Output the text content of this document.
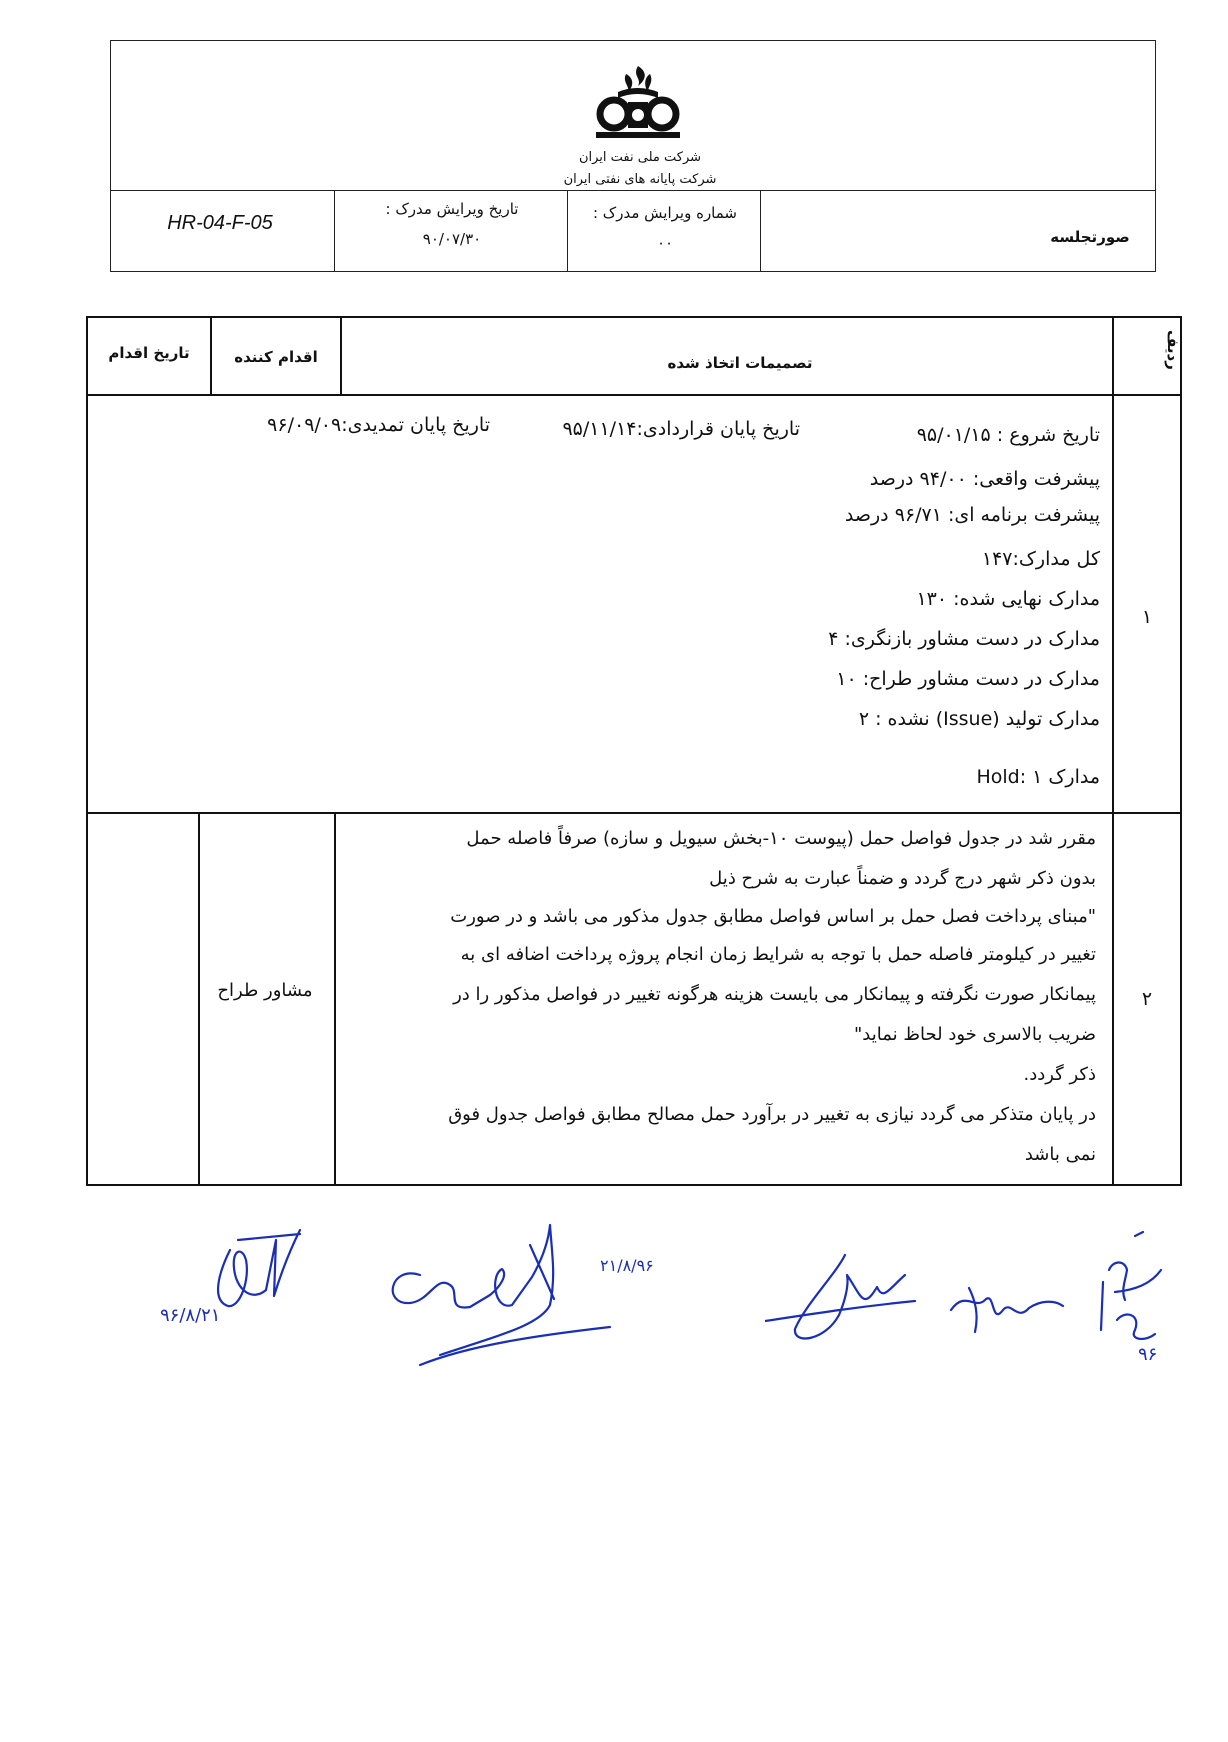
شرکت ملی نفت ایران
شرکت پایانه های نفتی ایران
HR-04-F-05
تاریخ ویرایش مدرک :
۹۰/۰۷/۳۰
شماره ویرایش مدرک :
۰۰	صورتجلسه
ردیف
تصمیمات اتخاذ شده
اقدام کننده
تاریخ اقدام
۱
تاریخ شروع : ۹۵/۰۱/۱۵
تاریخ پایان قراردادی:۹۵/۱۱/۱۴
تاریخ پایان تمدیدی:۹۶/۰۹/۰۹
پیشرفت واقعی: ۹۴/۰۰ درصد
پیشرفت برنامه ای: ۹۶/۷۱ درصد
کل مدارک:۱۴۷
مدارک نهایی شده: ۱۳۰
مدارک در دست مشاور بازنگری: ۴
مدارک در دست مشاور طراح: ۱۰
مدارک تولید (Issue) نشده : ۲
مدارک Hold: ۱
۲
مقرر شد در جدول فواصل حمل (پیوست ۱۰-بخش سیویل و سازه) صرفاً فاصله حمل
بدون ذکر شهر درج گردد و ضمناً عبارت به شرح ذیل
"مبنای پرداخت فصل حمل بر اساس فواصل مطابق جدول مذکور می باشد و در صورت
تغییر در کیلومتر فاصله حمل با توجه به شرایط زمان انجام پروژه پرداخت اضافه ای به
پیمانکار صورت نگرفته و پیمانکار می بایست هزینه هرگونه تغییر در فواصل مذکور را در
ضریب بالاسری خود لحاظ نماید"
ذکر گردد.
در پایان متذکر می گردد نیازی به تغییر در برآورد حمل مصالح مطابق فواصل جدول فوق
نمی باشد
مشاور طراح
۹۶/۸/۲۱
۲۱/۸/۹۶
۹۶
